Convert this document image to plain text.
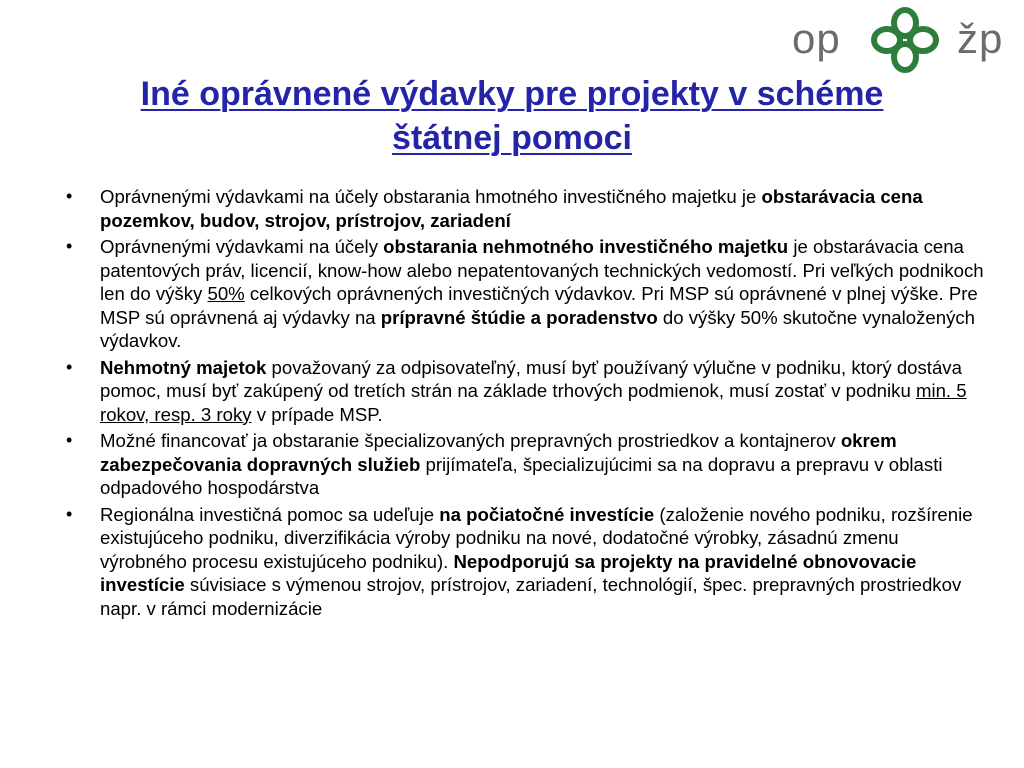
op	žp
Iné oprávnené výdavky pre projekty v schéme
štátnej pomoci
• Oprávnenými výdavkami na účely obstarania hmotného investičného majetku je obstarávacia cena pozemkov, budov, strojov, prístrojov, zariadení
• Oprávnenými výdavkami na účely obstarania nehmotného investičného majetku je obstarávacia cena patentových práv, licencií, know-how alebo nepatentovaných technických vedomostí. Pri veľkých podnikoch len do výšky 50% celkových oprávnených investičných výdavkov. Pri MSP sú oprávnené v plnej výške. Pre MSP sú oprávnená aj výdavky na prípravné štúdie a poradenstvo do výšky 50% skutočne vynaložených výdavkov.
• Nehmotný majetok považovaný za odpisovateľný, musí byť používaný výlučne v podniku, ktorý dostáva pomoc, musí byť zakúpený od tretích strán na základe trhových podmienok, musí zostať v podniku min. 5 rokov, resp. 3 roky v prípade MSP.
• Možné financovať ja obstaranie špecializovaných prepravných prostriedkov a kontajnerov okrem zabezpečovania dopravných služieb prijímateľa, špecializujúcimi sa na dopravu a prepravu v oblasti odpadového hospodárstva
• Regionálna investičná pomoc sa udeľuje na počiatočné investície (založenie nového podniku, rozšírenie existujúceho podniku, diverzifikácia výroby podniku na nové, dodatočné výrobky, zásadnú zmenu výrobného procesu existujúceho podniku). Nepodporujú sa projekty na pravidelné obnovovacie investície súvisiace s výmenou strojov, prístrojov, zariadení, technológií, špec. prepravných prostriedkov napr. v rámci modernizácie
